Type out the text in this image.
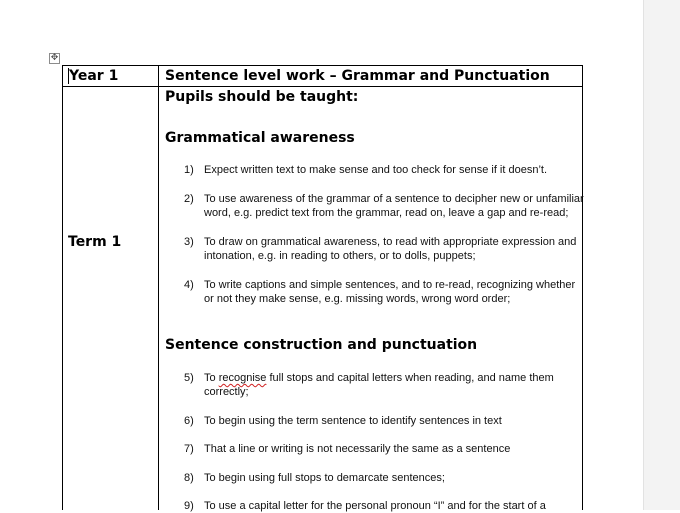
✥
Year 1	Sentence level work – Grammar and Punctuation
Term 1
Pupils should be taught:
Grammatical awareness
1) Expect written text to make sense and too check for sense if it doesn’t.
2) To use awareness of the grammar of a sentence to decipher new or unfamiliar word, e.g. predict text from the grammar, read on, leave a gap and re-read;
3) To draw on grammatical awareness, to read with appropriate expression and intonation, e.g. in reading to others, or to dolls, puppets;
4) To write captions and simple sentences, and to re-read, recognizing whether or not they make sense, e.g. missing words, wrong word order;
Sentence construction and punctuation
5) To recognise full stops and capital letters when reading, and name them correctly;
6) To begin using the term sentence to identify sentences in text
7) That a line or writing is not necessarily the same as a sentence
8) To begin using full stops to demarcate sentences;
9) To use a capital letter for the personal pronoun “I” and for the start of a
